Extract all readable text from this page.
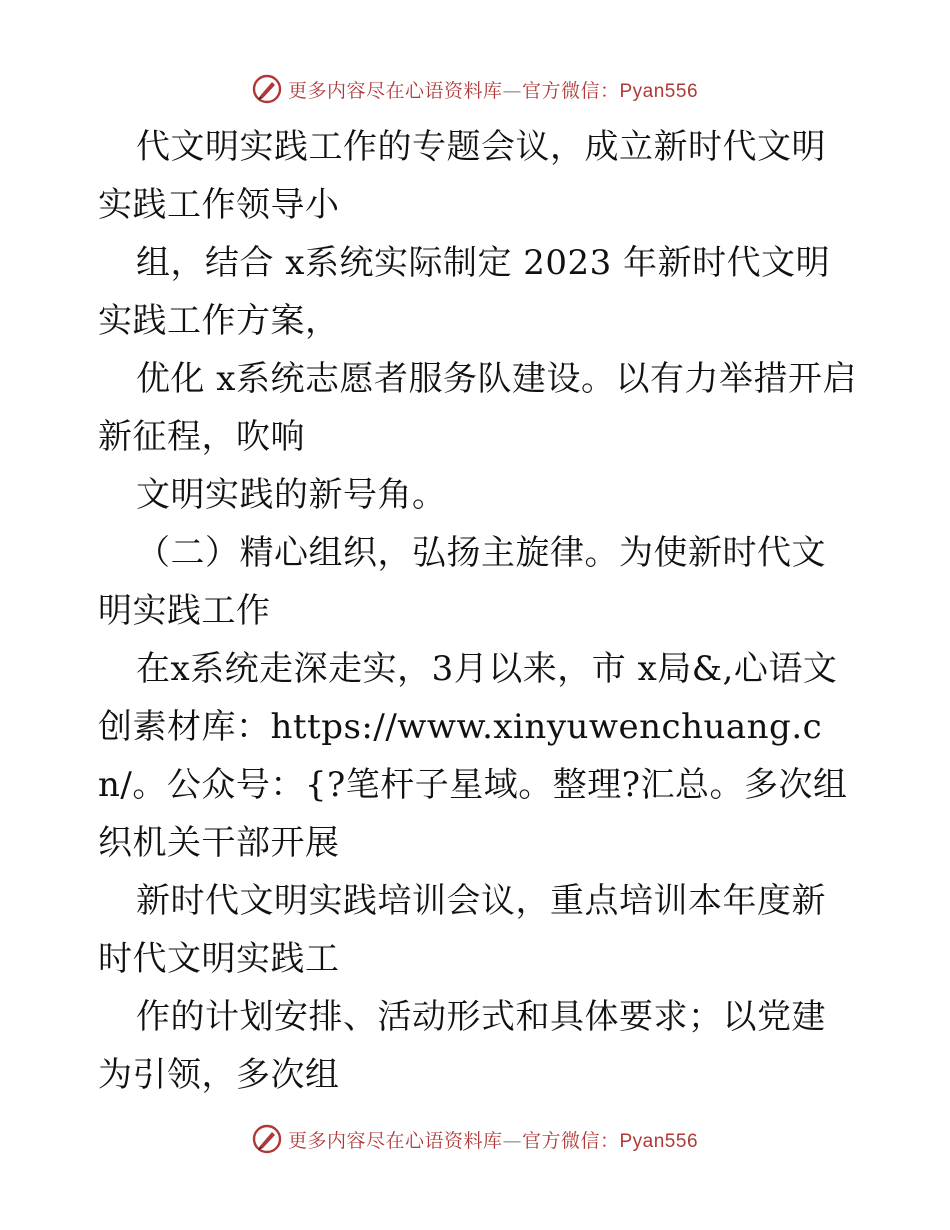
更多内容尽在心语资料库—官方微信：Pyan556

代文明实践工作的专题会议，成立新时代文明实践工作领导小

组，结合 x系统实际制定 2023 年新时代文明实践工作方案，

优化 x系统志愿者服务队建设。以有力举措开启新征程，吹响

文明实践的新号角。

（二）精心组织，弘扬主旋律。为使新时代文明实践工作

在x系统走深走实，3月以来，市 x局&,心语文创素材库：https://www.xinyuwenchuang.cn/。公众号：{?笔杆子星域。整理?汇总。多次组织机关干部开展

新时代文明实践培训会议，重点培训本年度新时代文明实践工

作的计划安排、活动形式和具体要求；以党建为引领，多次组

更多内容尽在心语资料库—官方微信：Pyan556
